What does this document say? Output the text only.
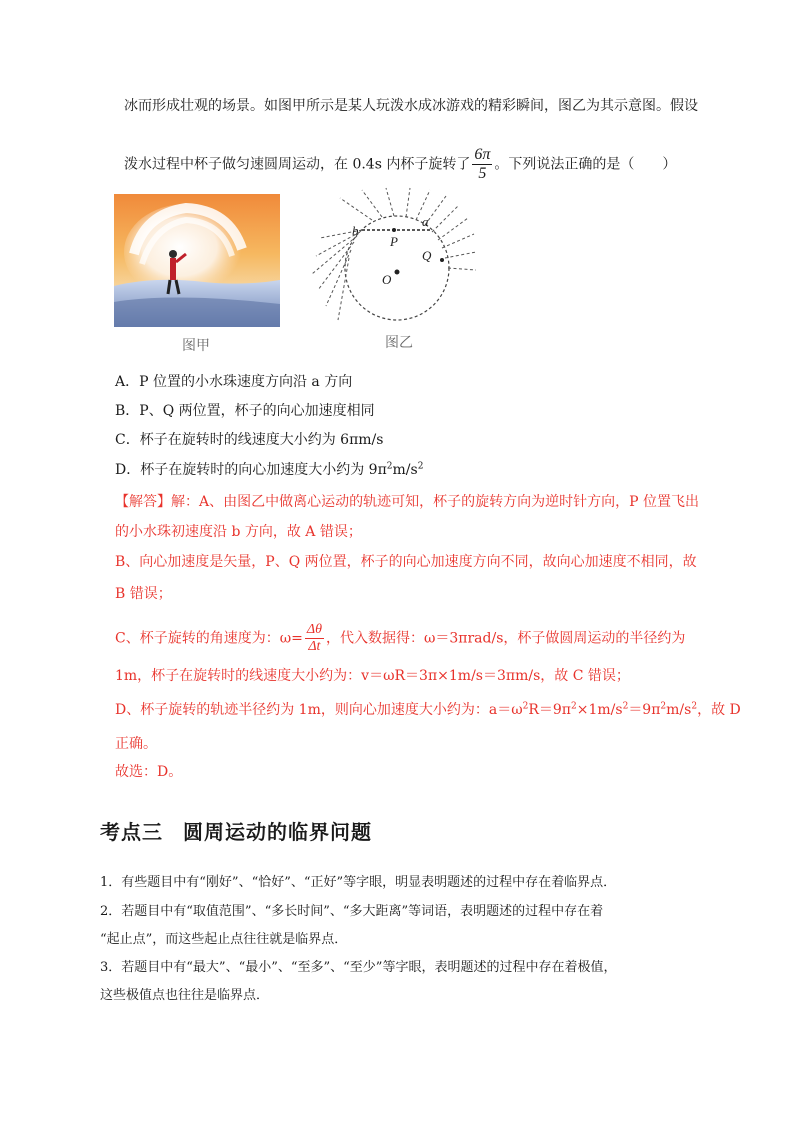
冰而形成壮观的场景。如图甲所示是某人玩泼水成冰游戏的精彩瞬间，图乙为其示意图。假设
泼水过程中杯子做匀速圆周运动，在 0.4s 内杯子旋转了 $\frac{6\pi}{5}$ 。下列说法正确的是（　　）
图甲
b
a
P
Q
O
图乙
A．P 位置的小水珠速度方向沿 a 方向
B．P、Q 两位置，杯子的向心加速度相同
C．杯子在旋转时的线速度大小约为 6πm/s
D．杯子在旋转时的向心加速度大小约为 $9\pi^2m/s^2$
【解答】解：A、由图乙中做离心运动的轨迹可知，杯子的旋转方向为逆时针方向，P 位置飞出
的小水珠初速度沿 b 方向，故 A 错误；
B、向心加速度是矢量，P、Q 两位置，杯子的向心加速度方向不同，故向心加速度不相同，故
B 错误；
C、杯子旋转的角速度为：$\omega= \frac{\Delta\theta}{\Delta t}$ ，代入数据得：ω＝3πrad/s，杯子做圆周运动的半径约为
1m，杯子在旋转时的线速度大小约为：v＝ωR＝3π×1m/s＝3πm/s，故 C 错误；
D、杯子旋转的轨迹半径约为 1m，则向心加速度大小约为：$a=\omega^2R=9\pi^2\times 1m/s^2=9\pi^2m/s^2$，故 D
正确。
故选：D。
考点三 圆周运动的临界问题
1．有些题目中有“刚好”、“恰好”、“正好”等字眼，明显表明题述的过程中存在着临界点．
2．若题目中有“取值范围”、“多长时间”、“多大距离”等词语，表明题述的过程中存在着
“起止点”，而这些起止点往往就是临界点．
3．若题目中有“最大”、“最小”、“至多”、“至少”等字眼，表明题述的过程中存在着极值，
这些极值点也往往是临界点．
